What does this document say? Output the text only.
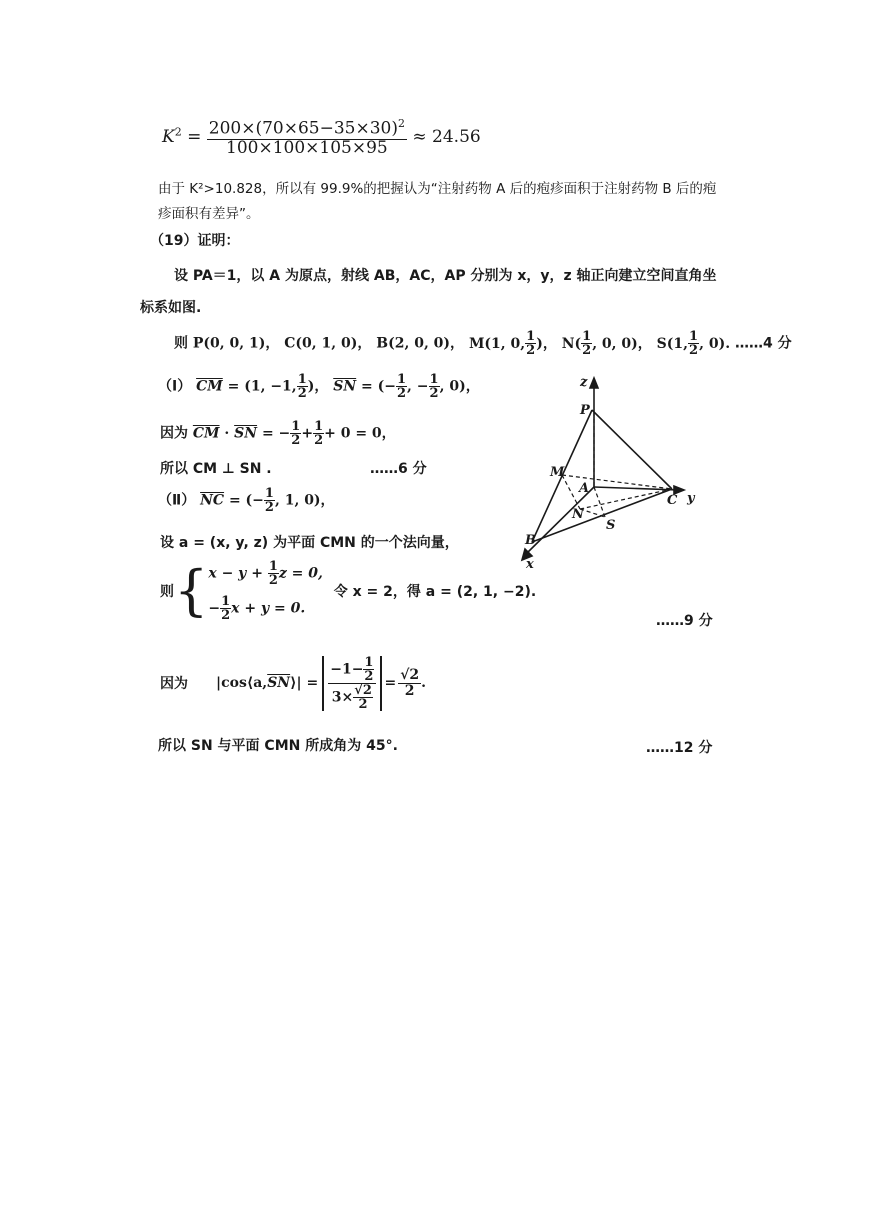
$K^2 = \frac{200\times(70\times 65-35\times 30)^2}{100\times 100\times 105\times 95} \approx 24.56$
由于 K²>10.828，所以有 99.9%的把握认为“注射药物 A 后的疱疹面积于注射药物 B 后的疱
疹面积有差异”。
（19）证明：
设 PA＝1，以 A 为原点，射线 AB，AC，AP 分别为 x，y，z 轴正向建立空间直角坐
标系如图.
则 P(0, 0, 1)， C(0, 1, 0)， B(2, 0, 0)， M(1, 0, $\frac{1}{2}$ )， $N( \frac{1}{2}$ , 0, 0)， S(1, $\frac{1}{2}$ , 0). ……4 分
（Ⅰ） $\overline{CM} = (1$, −1, $\frac{1}{2}$ )， $\overline{SN}$ = (− $\frac{1}{2}$ , − $\frac{1}{2}$ , 0)，
因为 $\overline{CM} \cdot \overline{SN}$ = − $\frac{1}{2} + \frac{1}{2} + 0 = 0$，
所以 CM ⊥ SN .	……6 分
（Ⅱ） $\overline{NC}$ = (− $\frac{1}{2}$ , 1, 0)，
设 a = (x, y, z) 为平面 CMN 的一个法向量，
则{ $x - y + \frac{1}{2}$ z = 0,
− $\frac{1}{2}$ x + y = 0.
令 x = 2，得 a = (2, 1, −2).
……9 分
因为 |cos⟨a, $\overline{SN}$ ⟩| = $\frac{-1- \frac{1}{2}}{3\times \frac{√2}{2}} = \frac{√2}{2}$ .
所以 SN 与平面 CMN 所成角为 45°.	……12 分
z
P
M
A
N
S
C y
B
x
